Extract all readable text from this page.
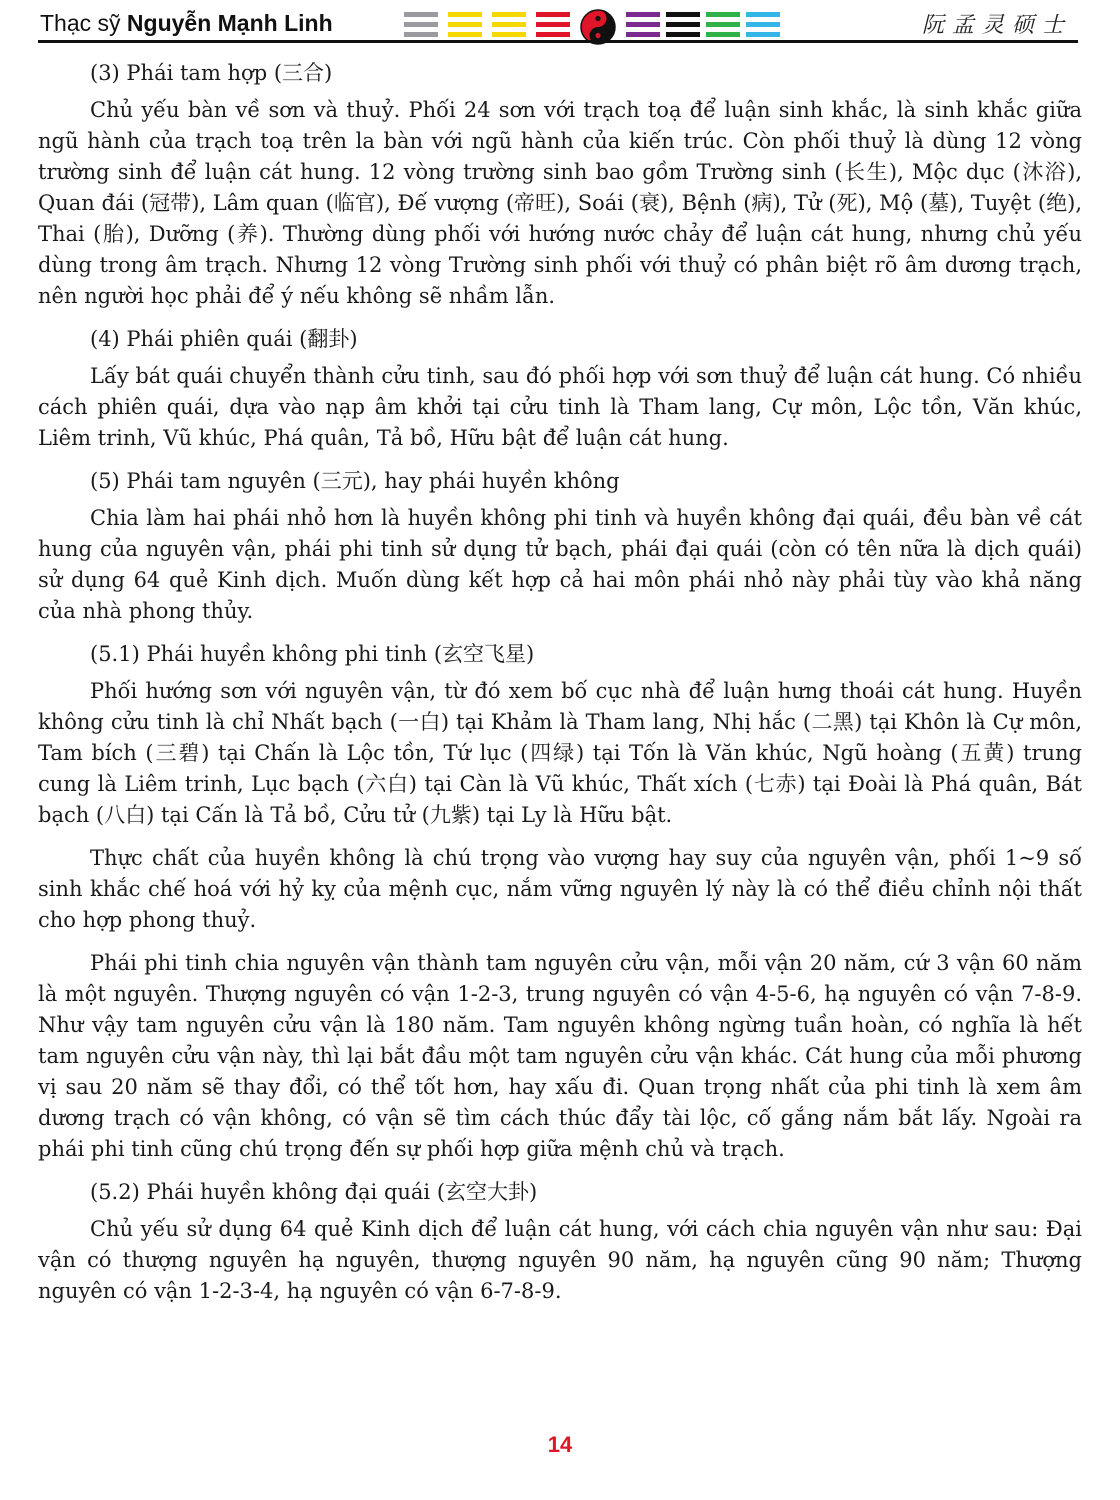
Thạc sỹ Nguyễn Mạnh Linh	阮孟灵硕士
(3) Phái tam hợp (三合)

Chủ yếu bàn về sơn và thuỷ. Phối 24 sơn với trạch toạ để luận sinh khắc, là sinh khắc giữa ngũ hành của trạch toạ trên la bàn với ngũ hành của kiến trúc. Còn phối thuỷ là dùng 12 vòng trường sinh để luận cát hung. 12 vòng trường sinh bao gồm Trường sinh (长生), Mộc dục (沐浴), Quan đái (冠带), Lâm quan (临官), Đế vượng (帝旺), Soái (衰), Bệnh (病), Tử (死), Mộ (墓), Tuyệt (绝), Thai (胎), Dưỡng (养). Thường dùng phối với hướng nước chảy để luận cát hung, nhưng chủ yếu dùng trong âm trạch. Nhưng 12 vòng Trường sinh phối với thuỷ có phân biệt rõ âm dương trạch, nên người học phải để ý nếu không sẽ nhầm lẫn.

(4) Phái phiên quái (翻卦)

Lấy bát quái chuyển thành cửu tinh, sau đó phối hợp với sơn thuỷ để luận cát hung. Có nhiều cách phiên quái, dựa vào nạp âm khởi tại cửu tinh là Tham lang, Cự môn, Lộc tồn, Văn khúc, Liêm trinh, Vũ khúc, Phá quân, Tả bồ, Hữu bật để luận cát hung.

(5) Phái tam nguyên (三元), hay phái huyền không

Chia làm hai phái nhỏ hơn là huyền không phi tinh và huyền không đại quái, đều bàn về cát hung của nguyên vận, phái phi tinh sử dụng tử bạch, phái đại quái (còn có tên nữa là dịch quái) sử dụng 64 quẻ Kinh dịch. Muốn dùng kết hợp cả hai môn phái nhỏ này phải tùy vào khả năng của nhà phong thủy.

(5.1) Phái huyền không phi tinh (玄空飞星)

Phối hướng sơn với nguyên vận, từ đó xem bố cục nhà để luận hưng thoái cát hung. Huyền không cửu tinh là chỉ Nhất bạch (一白) tại Khảm là Tham lang, Nhị hắc (二黑) tại Khôn là Cự môn, Tam bích (三碧) tại Chấn là Lộc tồn, Tứ lục (四绿) tại Tốn là Văn khúc, Ngũ hoàng (五黄) trung cung là Liêm trinh, Lục bạch (六白) tại Càn là Vũ khúc, Thất xích (七赤) tại Đoài là Phá quân, Bát bạch (八白) tại Cấn là Tả bồ, Cửu tử (九紫) tại Ly là Hữu bật.

Thực chất của huyền không là chú trọng vào vượng hay suy của nguyên vận, phối 1~9 số sinh khắc chế hoá với hỷ kỵ của mệnh cục, nắm vững nguyên lý này là có thể điều chỉnh nội thất cho hợp phong thuỷ.

Phái phi tinh chia nguyên vận thành tam nguyên cửu vận, mỗi vận 20 năm, cứ 3 vận 60 năm là một nguyên. Thượng nguyên có vận 1-2-3, trung nguyên có vận 4-5-6, hạ nguyên có vận 7-8-9. Như vậy tam nguyên cửu vận là 180 năm. Tam nguyên không ngừng tuần hoàn, có nghĩa là hết tam nguyên cửu vận này, thì lại bắt đầu một tam nguyên cửu vận khác. Cát hung của mỗi phương vị sau 20 năm sẽ thay đổi, có thể tốt hơn, hay xấu đi. Quan trọng nhất của phi tinh là xem âm dương trạch có vận không, có vận sẽ tìm cách thúc đẩy tài lộc, cố gắng nắm bắt lấy. Ngoài ra phái phi tinh cũng chú trọng đến sự phối hợp giữa mệnh chủ và trạch.

(5.2) Phái huyền không đại quái (玄空大卦)

Chủ yếu sử dụng 64 quẻ Kinh dịch để luận cát hung, với cách chia nguyên vận như sau: Đại vận có thượng nguyên hạ nguyên, thượng nguyên 90 năm, hạ nguyên cũng 90 năm; Thượng nguyên có vận 1-2-3-4, hạ nguyên có vận 6-7-8-9.

14
